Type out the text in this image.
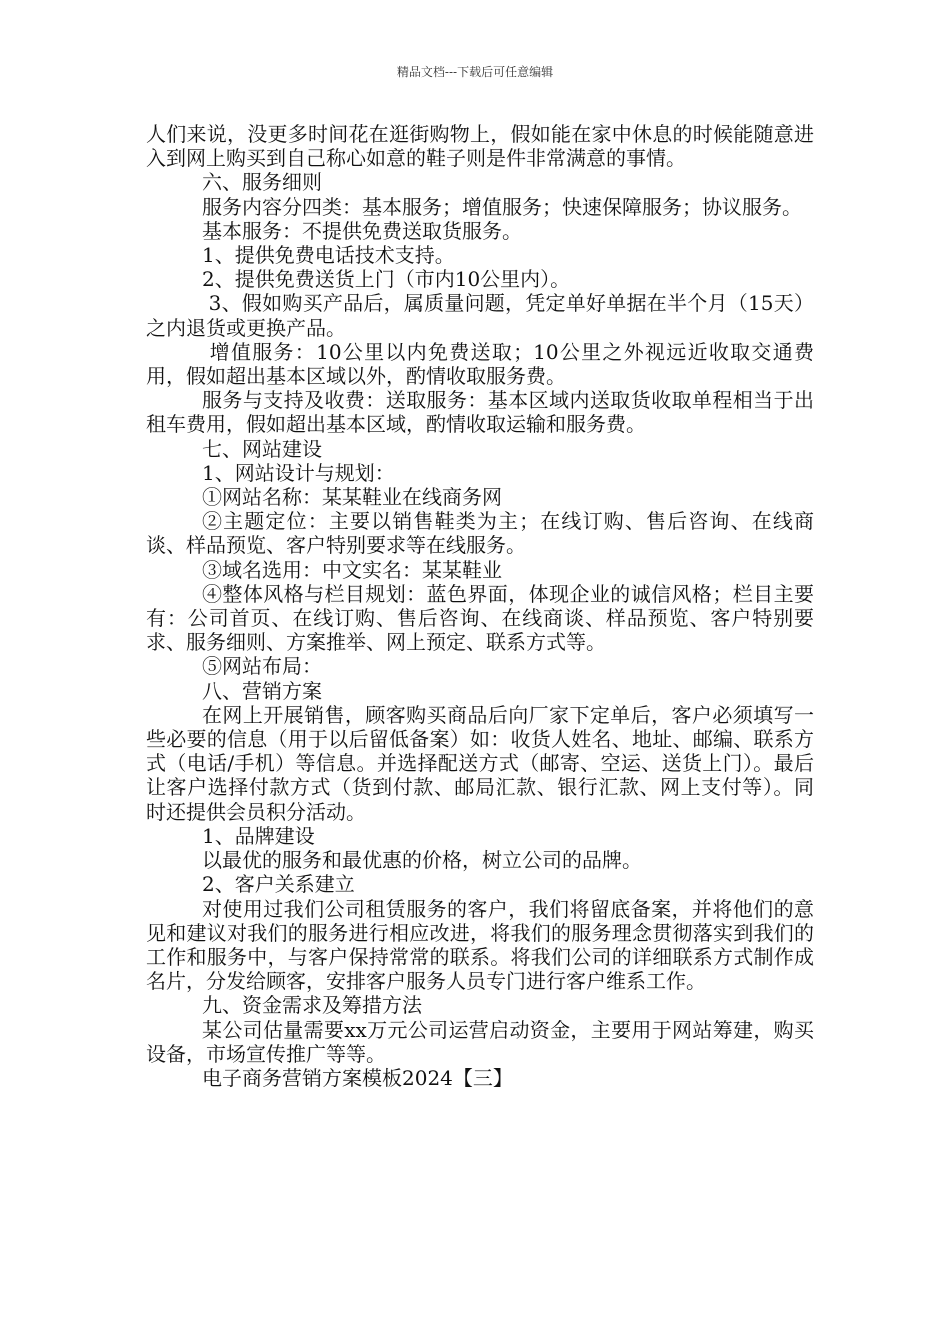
精品文档---下载后可任意编辑

人们来说，没更多时间花在逛街购物上，假如能在家中休息的时候能随意进入到网上购买到自己称心如意的鞋子则是件非常满意的事情。

六、服务细则

服务内容分四类：基本服务；增值服务；快速保障服务；协议服务。

基本服务：不提供免费送取货服务。

1、提供免费电话技术支持。

2、提供免费送货上门（市内10公里内）。

3、假如购买产品后，属质量问题，凭定单好单据在半个月（15天）之内退货或更换产品。

增值服务：10公里以内免费送取；10公里之外视远近收取交通费用，假如超出基本区域以外，酌情收取服务费。

服务与支持及收费：送取服务：基本区域内送取货收取单程相当于出租车费用，假如超出基本区域，酌情收取运输和服务费。

七、网站建设

1、网站设计与规划：

①网站名称：某某鞋业在线商务网

②主题定位：主要以销售鞋类为主；在线订购、售后咨询、在线商谈、样品预览、客户特别要求等在线服务。

③域名选用：中文实名：某某鞋业

④整体风格与栏目规划：蓝色界面，体现企业的诚信风格；栏目主要有：公司首页、在线订购、售后咨询、在线商谈、样品预览、客户特别要求、服务细则、方案推举、网上预定、联系方式等。

⑤网站布局：

八、营销方案

在网上开展销售，顾客购买商品后向厂家下定单后，客户必须填写一些必要的信息（用于以后留低备案）如：收货人姓名、地址、邮编、联系方式（电话/手机）等信息。并选择配送方式（邮寄、空运、送货上门）。最后让客户选择付款方式（货到付款、邮局汇款、银行汇款、网上支付等）。同时还提供会员积分活动。

1、品牌建设

以最优的服务和最优惠的价格，树立公司的品牌。

2、客户关系建立

对使用过我们公司租赁服务的客户，我们将留底备案，并将他们的意见和建议对我们的服务进行相应改进，将我们的服务理念贯彻落实到我们的工作和服务中，与客户保持常常的联系。将我们公司的详细联系方式制作成名片，分发给顾客，安排客户服务人员专门进行客户维系工作。

九、资金需求及筹措方法

某公司估量需要xx万元公司运营启动资金，主要用于网站筹建，购买设备，市场宣传推广等等。

电子商务营销方案模板2024【三】
